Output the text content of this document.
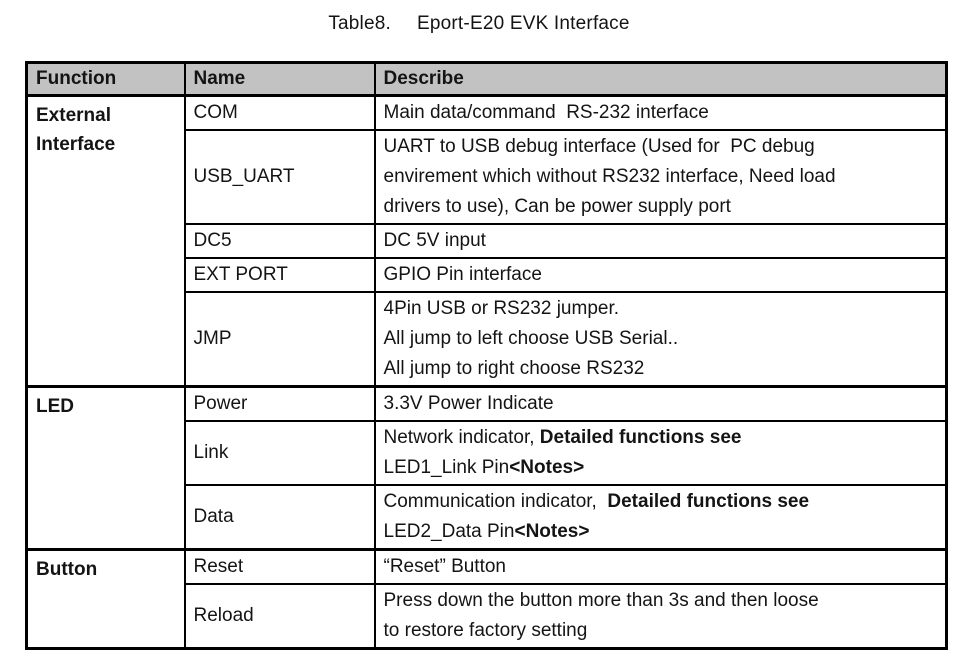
Table8. Eport-E20 EVK Interface
Function	Name	Describe
External Interface	COM	Main data/command  RS-232 interface

	USB_UART	UART to USB debug interface (Used for  PC debug
envirement which without RS232 interface, Need load
drivers to use), Can be power supply port

	DC5	DC 5V input

	EXT PORT	GPIO Pin interface

	JMP	4Pin USB or RS232 jumper.
All jump to left choose USB Serial..
All jump to right choose RS232

LED	Power	3.3V Power Indicate

	Link	Network indicator, Detailed functions see
LED1_Link Pin<Notes>

	Data	Communication indicator,  Detailed functions see
LED2_Data Pin<Notes>

Button	Reset	“Reset” Button

	Reload	Press down the button more than 3s and then loose
to restore factory setting
